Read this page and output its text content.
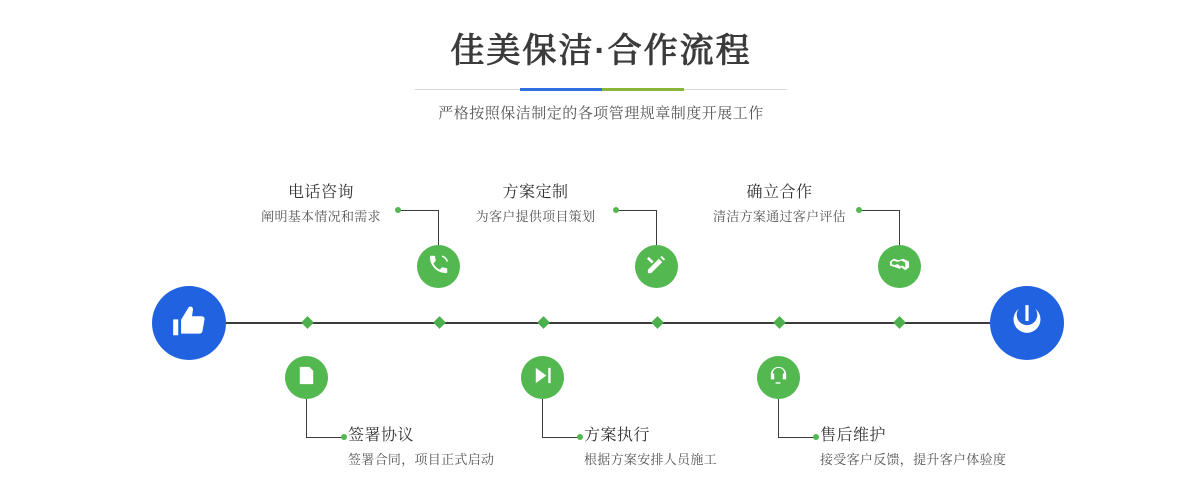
佳美保洁·合作流程
严格按照保洁制定的各项管理规章制度开展工作
电话咨询
阐明基本情况和需求
签署协议
签署合同，项目正式启动
方案定制
为客户提供项目策划
方案执行
根据方案安排人员施工
售后维护
接受客户反馈，提升客户体验度
确立合作
清洁方案通过客户评估
